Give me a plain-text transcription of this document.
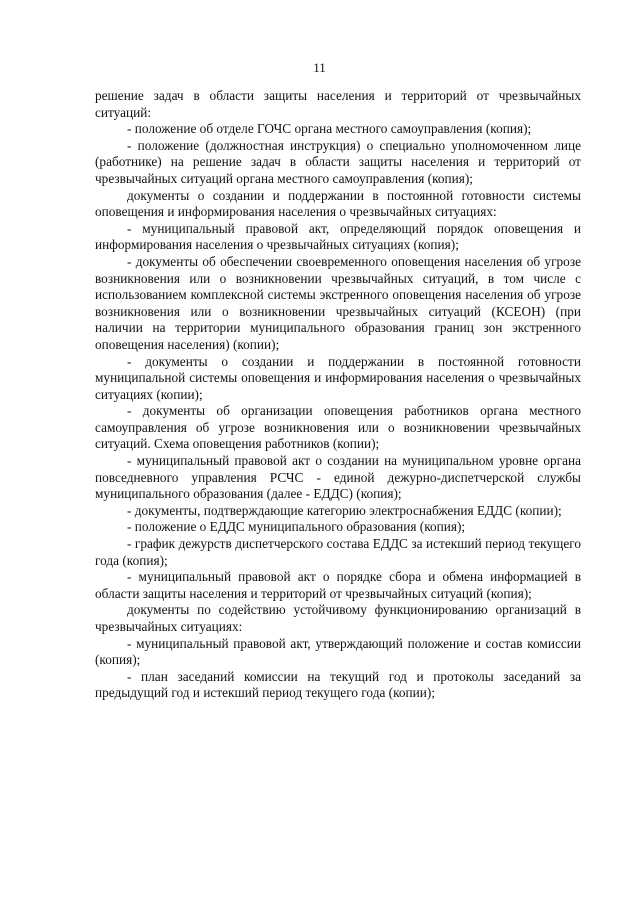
11

решение задач в области защиты населения и территорий от чрезвычайных ситуаций:

- положение об отделе ГОЧС органа местного самоуправления (копия);

- положение (должностная инструкция) о специально уполномоченном лице (работнике) на решение задач в области защиты населения и территорий от чрезвычайных ситуаций органа местного самоуправления (копия);

документы о создании и поддержании в постоянной готовности системы оповещения и информирования населения о чрезвычайных ситуациях:

- муниципальный правовой акт, определяющий порядок оповещения и информирования населения о чрезвычайных ситуациях (копия);

- документы об обеспечении своевременного оповещения населения об угрозе возникновения или о возникновении чрезвычайных ситуаций, в том числе с использованием комплексной системы экстренного оповещения населения об угрозе возникновения или о возникновении чрезвычайных ситуаций (КСЕОН) (при наличии на территории муниципального образования границ зон экстренного оповещения населения) (копии);

- документы о создании и поддержании в постоянной готовности муниципальной системы оповещения и информирования населения о чрезвычайных ситуациях (копии);

- документы об организации оповещения работников органа местного самоуправления об угрозе возникновения или о возникновении чрезвычайных ситуаций. Схема оповещения работников (копии);

- муниципальный правовой акт о создании на муниципальном уровне органа повседневного управления РСЧС - единой дежурно-диспетчерской службы муниципального образования (далее - ЕДДС) (копия);

- документы, подтверждающие категорию электроснабжения ЕДДС (копии);

- положение о ЕДДС муниципального образования (копия);

- график дежурств диспетчерского состава ЕДДС за истекший период текущего года (копия);

- муниципальный правовой акт о порядке сбора и обмена информацией в области защиты населения и территорий от чрезвычайных ситуаций (копия);

документы по содействию устойчивому функционированию организаций в чрезвычайных ситуациях:

- муниципальный правовой акт, утверждающий положение и состав комиссии (копия);

- план заседаний комиссии на текущий год и протоколы заседаний за предыдущий год и истекший период текущего года (копии);
